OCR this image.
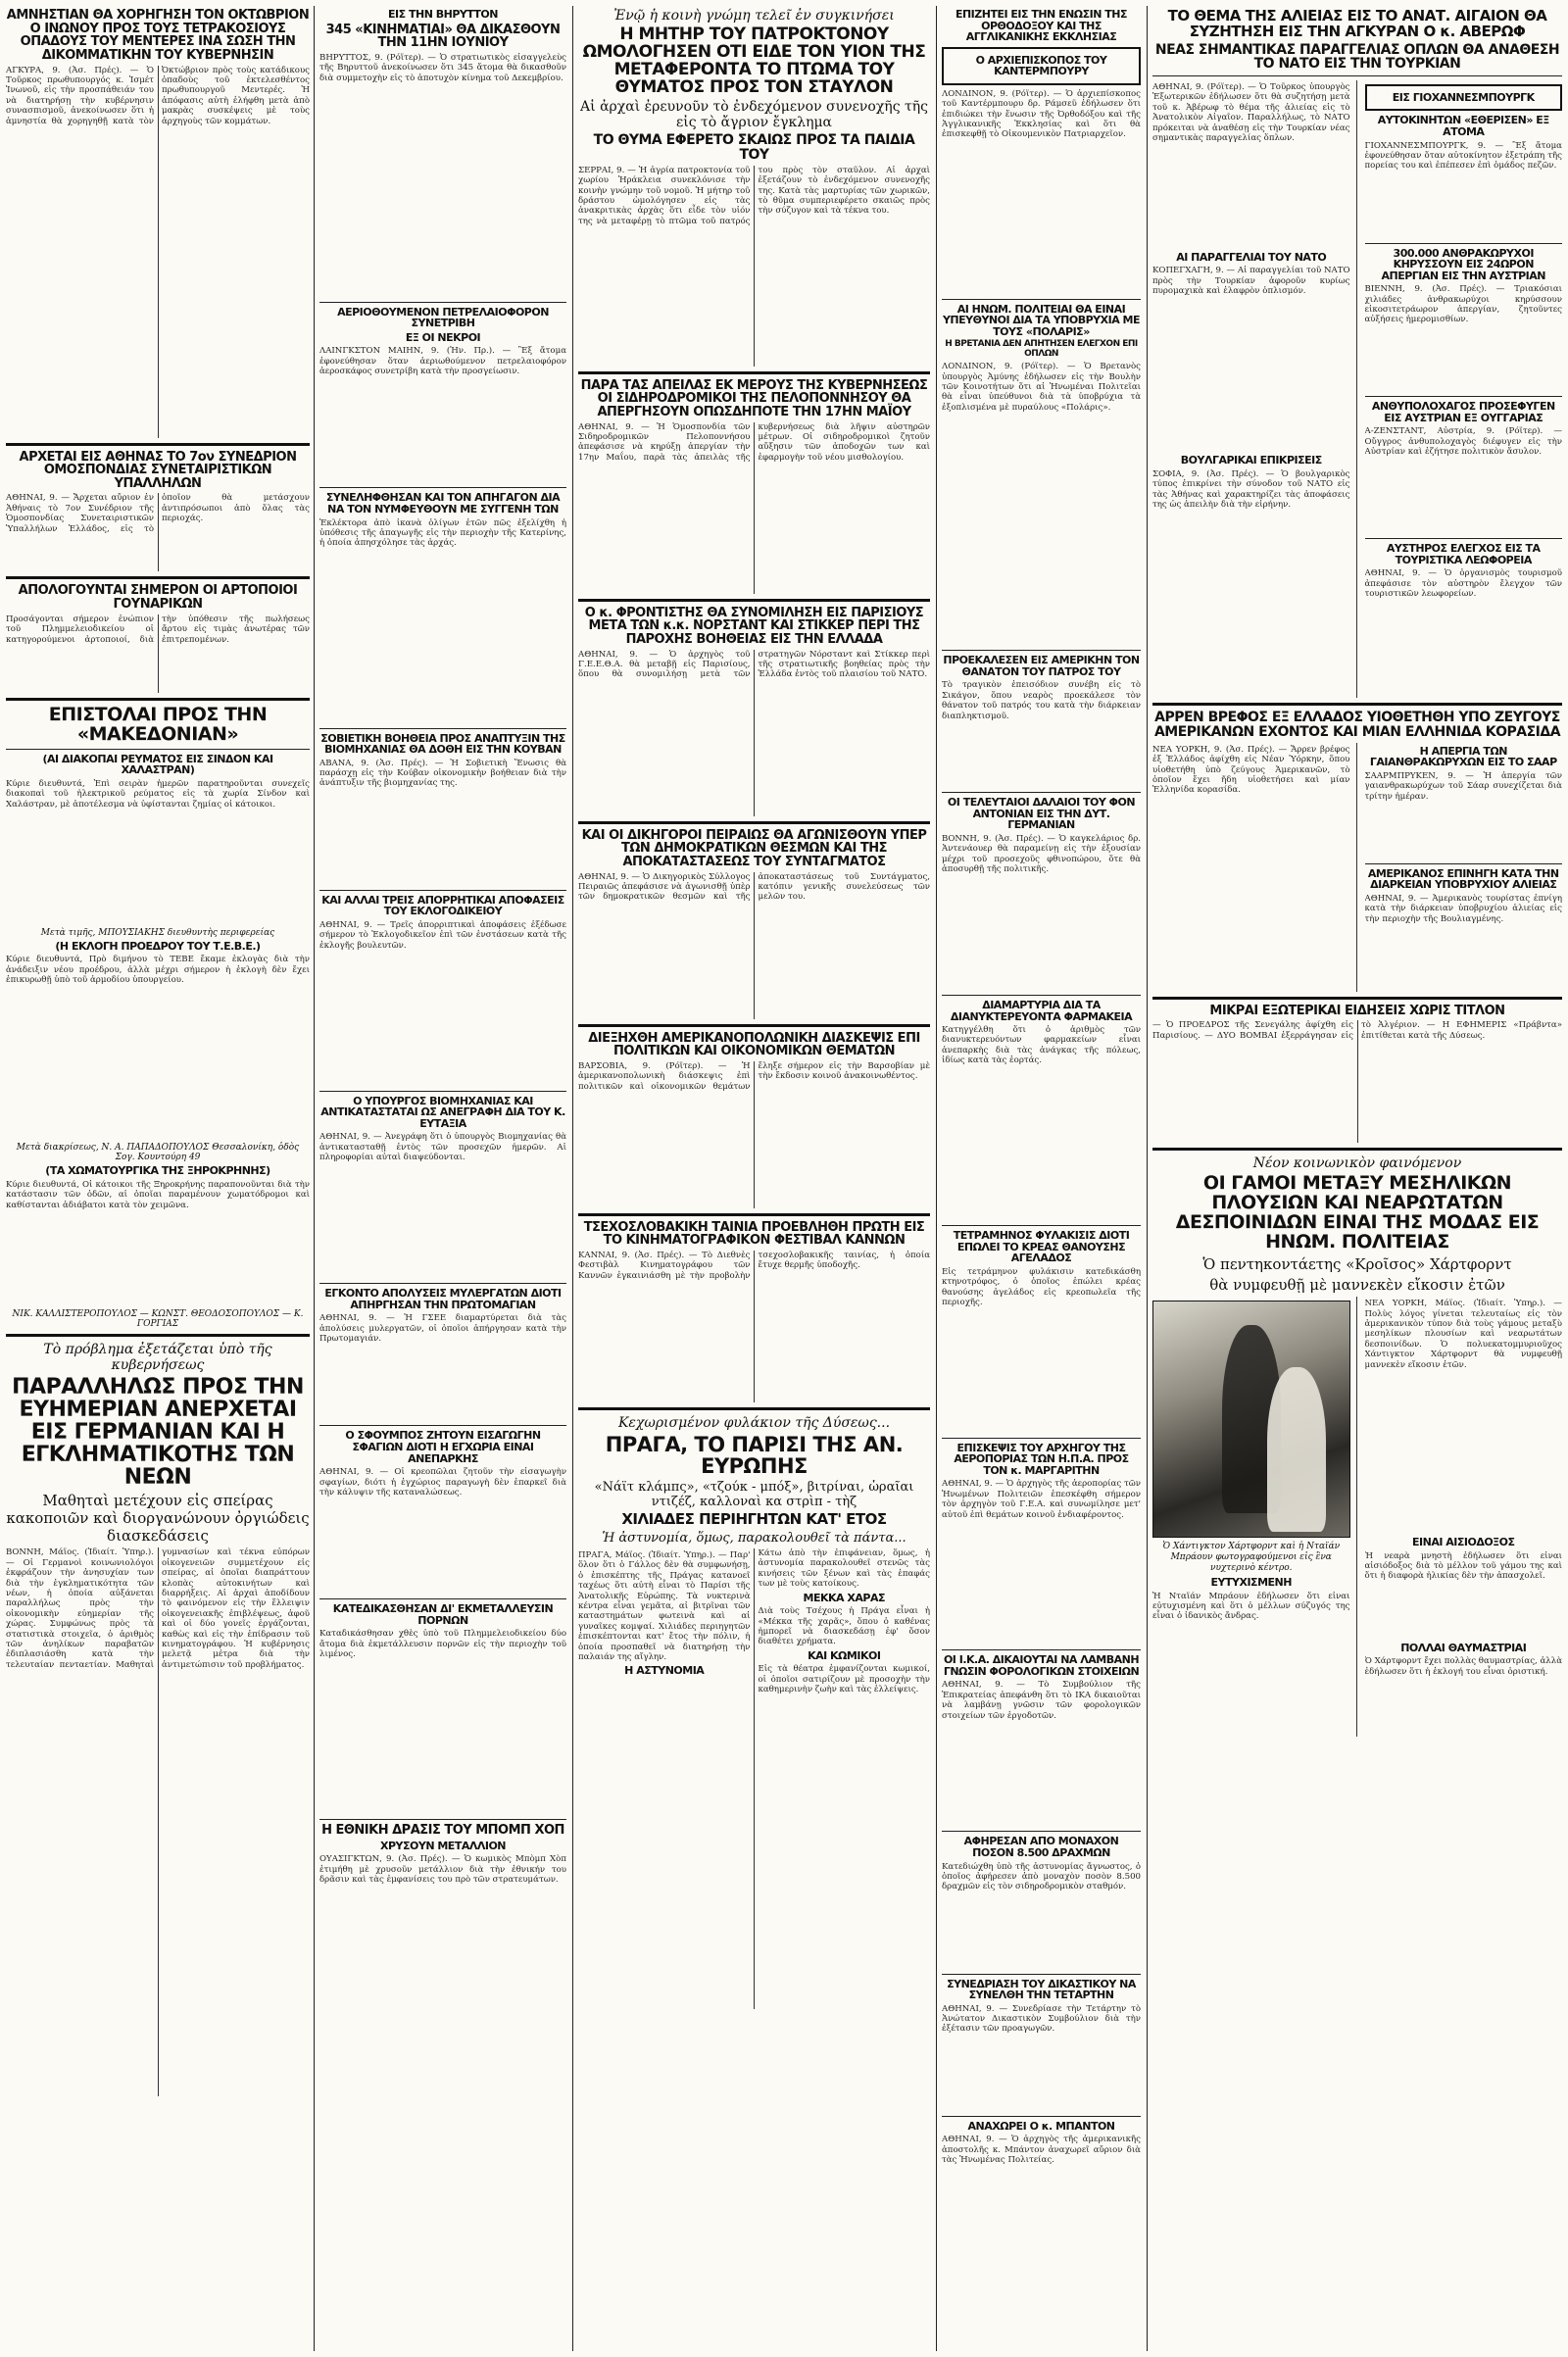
ΑΜΝΗΣΤΙΑΝ ΘΑ ΧΟΡΗΓΗΣΗ ΤΟΝ ΟΚΤΩΒΡΙΟΝ Ο ΙΝΩΝΟΥ ΠΡΟΣ ΤΟΥΣ ΤΕΤΡΑΚΟΣΙΟΥΣ ΟΠΑΔΟΥΣ ΤΟΥ ΜΕΝΤΕΡΕΣ ΙΝΑ ΣΩΣΗ ΤΗΝ ΔΙΚΟΜΜΑΤΙΚΗΝ ΤΟΥ ΚΥΒΕΡΝΗΣΙΝ
ΑΓΚΥΡΑ, 9. (Ἀσ. Πρές). — Ὁ Τοῦρκος πρωθυπουργός κ. Ἰσμέτ Ἰνωνοῦ, εἰς τὴν προσπάθειάν του νὰ διατηρήσῃ τὴν κυβέρνησιν συνασπισμοῦ, ἀνεκοίνωσεν ὅτι ἡ ἀμνηστία θὰ χορηγηθῇ κατὰ τὸν Ὀκτώβριον πρὸς τοὺς κατάδικους ὀπαδοὺς τοῦ ἐκτελεσθέντος πρωθυπουργοῦ Μεντερές. Ἡ ἀπόφασις αὐτὴ ἐλήφθη μετὰ ἀπὸ μακρὰς συσκέψεις μὲ τοὺς ἀρχηγοὺς τῶν κομμάτων.
ΑΡΧΕΤΑΙ ΕΙΣ ΑΘΗΝΑΣ ΤΟ 7ον ΣΥΝΕΔΡΙΟΝ ΟΜΟΣΠΟΝΔΙΑΣ ΣΥΝΕΤΑΙΡΙΣΤΙΚΩΝ ΥΠΑΛΛΗΛΩΝ
ΑΘΗΝΑΙ, 9. — Ἄρχεται αὔριον ἐν Ἀθήναις τὸ 7ον Συνέδριον τῆς Ὁμοσπονδίας Συνεταιριστικῶν Ὑπαλλήλων Ἑλλάδος, εἰς τὸ ὁποῖον θὰ μετάσχουν ἀντιπρόσωποι ἀπὸ ὅλας τὰς περιοχάς.
ΑΠΟΛΟΓΟΥΝΤΑΙ ΣΗΜΕΡΟΝ ΟΙ ΑΡΤΟΠΟΙΟΙ ΓΟΥΝΑΡΙΚΩΝ
Προσάγονται σήμερον ἐνώπιον τοῦ Πλημμελειοδικείου οἱ κατηγορούμενοι ἀρτοποιοί, διὰ τὴν ὑπόθεσιν τῆς πωλήσεως ἄρτου εἰς τιμὰς ἀνωτέρας τῶν ἐπιτρεπομένων.
ΕΠΙΣΤΟΛΑΙ ΠΡΟΣ ΤΗΝ «ΜΑΚΕΔΟΝΙΑΝ»
(ΑΙ ΔΙΑΚΟΠΑΙ ΡΕΥΜΑΤΟΣ ΕΙΣ ΣΙΝΔΟΝ ΚΑΙ ΧΑΛΑΣΤΡΑΝ)
Κύριε διευθυντά, Ἐπὶ σειρὰν ἡμερῶν παρατηροῦνται συνεχεῖς διακοπαὶ τοῦ ἠλεκτρικοῦ ρεύματος εἰς τὰ χωρία Σίνδον καὶ Χαλάστραν, μὲ ἀποτέλεσμα νὰ ὑφίστανται ζημίας οἱ κάτοικοι.
Μετὰ τιμῆς, ΜΠΟΥΣΙΑΚΗΣ διευθυντὴς περιφερείας
(Η ΕΚΛΟΓΗ ΠΡΟΕΔΡΟΥ ΤΟΥ Τ.Ε.Β.Ε.)
Κύριε διευθυντά, Πρὸ διμήνου τὸ ΤΕΒΕ ἔκαμε ἐκλογὰς διὰ τὴν ἀνάδειξιν νέου προέδρου, ἀλλὰ μέχρι σήμερον ἡ ἐκλογὴ δὲν ἔχει ἐπικυρωθῇ ὑπὸ τοῦ ἁρμοδίου ὑπουργείου.
Μετὰ διακρίσεως, Ν. Α. ΠΑΠΑΔΟΠΟΥΛΟΣ Θεσσαλονίκη, ὁδὸς Σογ. Κουντούρη 49
(ΤΑ ΧΩΜΑΤΟΥΡΓΙΚΑ ΤΗΣ ΞΗΡΟΚΡΗΝΗΣ)
Κύριε διευθυντά, Οἱ κάτοικοι τῆς Ξηροκρήνης παραπονοῦνται διὰ τὴν κατάστασιν τῶν ὁδῶν, αἱ ὁποῖαι παραμένουν χωματόδρομοι καὶ καθίστανται ἀδιάβατοι κατὰ τὸν χειμῶνα.
ΝΙΚ. ΚΑΛΛΙΣΤΕΡΟΠΟΥΛΟΣ — ΚΩΝΣΤ. ΘΕΟΔΟΣΟΠΟΥΛΟΣ — Κ. ΓΟΡΓΙΑΣ
Τὸ πρόβλημα ἐξετάζεται ὑπὸ τῆς κυβερνήσεως
ΠΑΡΑΛΛΗΛΩΣ ΠΡΟΣ ΤΗΝ ΕΥΗΜΕΡΙΑΝ ΑΝΕΡΧΕΤΑΙ ΕΙΣ ΓΕΡΜΑΝΙΑΝ ΚΑΙ Η ΕΓΚΛΗΜΑΤΙΚΟΤΗΣ ΤΩΝ ΝΕΩΝ
Μαθηταὶ μετέχουν εἰς σπείρας κακοποιῶν καὶ διοργανώνουν ὀργιώδεις διασκεδάσεις
ΒΟΝΝΗ, Μάϊος. (Ἰδιαίτ. Ὑπηρ.). — Οἱ Γερμανοὶ κοινωνιολόγοι ἐκφράζουν τὴν ἀνησυχίαν των διὰ τὴν ἐγκληματικότητα τῶν νέων, ἡ ὁποία αὐξάνεται παραλλήλως πρὸς τὴν οἰκονομικὴν εὐημερίαν τῆς χώρας. Συμφώνως πρὸς τὰ στατιστικὰ στοιχεῖα, ὁ ἀριθμὸς τῶν ἀνηλίκων παραβατῶν ἐδιπλασιάσθη κατὰ τὴν τελευταίαν πενταετίαν. Μαθηταὶ γυμνασίων καὶ τέκνα εὐπόρων οἰκογενειῶν συμμετέχουν εἰς σπείρας, αἱ ὁποῖαι διαπράττουν κλοπὰς αὐτοκινήτων καὶ διαρρήξεις. Αἱ ἀρχαὶ ἀποδίδουν τὸ φαινόμενον εἰς τὴν ἔλλειψιν οἰκογενειακῆς ἐπιβλέψεως, ἀφοῦ καὶ οἱ δύο γονεῖς ἐργάζονται, καθὼς καὶ εἰς τὴν ἐπίδρασιν τοῦ κινηματογράφου. Ἡ κυβέρνησις μελετᾷ μέτρα διὰ τὴν ἀντιμετώπισιν τοῦ προβλήματος.
ΕΙΣ ΤΗΝ ΒΗΡΥΤΤΟΝ
345 «ΚΙΝΗΜΑΤΙΑΙ» ΘΑ ΔΙΚΑΣΘΟΥΝ ΤΗΝ 11ΗΝ ΙΟΥΝΙΟΥ
ΒΗΡΥΤΤΟΣ, 9. (Ρόϊτερ). — Ὁ στρατιωτικὸς εἰσαγγελεὺς τῆς Βηρυττοῦ ἀνεκοίνωσεν ὅτι 345 ἄτομα θὰ δικασθοῦν διὰ συμμετοχὴν εἰς τὸ ἀποτυχὸν κίνημα τοῦ Δεκεμβρίου.
ΑΕΡΙΟΘΟΥΜΕΝΟΝ ΠΕΤΡΕΛΑΙΟΦΟΡΟΝ ΣΥΝΕΤΡΙΒΗ
ΕΞ ΟΙ ΝΕΚΡΟΙ
ΛΑΙΝΓΚΣΤΟΝ ΜΑΙΗΝ, 9. (Ἡν. Πρ.). — Ἓξ ἄτομα ἐφονεύθησαν ὅταν ἀεριωθούμενον πετρελαιοφόρον ἀεροσκάφος συνετρίβη κατὰ τὴν προσγείωσιν.
ΣΥΝΕΛΗΦΘΗΣΑΝ ΚΑΙ ΤΟΝ ΑΠΗΓΑΓΟΝ ΔΙΑ ΝΑ ΤΟΝ ΝΥΜΦΕΥΘΟΥΝ ΜΕ ΣΥΓΓΕΝΗ ΤΩΝ
Ἐκλέκτορα ἀπὸ ἱκανὰ ὀλίγων ἐτῶν πῶς ἐξελίχθη ἡ ὑπόθεσις τῆς ἀπαγωγῆς εἰς τὴν περιοχὴν τῆς Κατερίνης, ἡ ὁποία ἀπησχόλησε τὰς ἀρχάς.
ΣΟΒΙΕΤΙΚΗ ΒΟΗΘΕΙΑ ΠΡΟΣ ΑΝΑΠΤΥΞΙΝ ΤΗΣ ΒΙΟΜΗΧΑΝΙΑΣ ΘΑ ΔΟΘΗ ΕΙΣ ΤΗΝ ΚΟΥΒΑΝ
ΑΒΑΝΑ, 9. (Ἀσ. Πρές). — Ἡ Σοβιετικὴ Ἕνωσις θὰ παράσχῃ εἰς τὴν Κούβαν οἰκονομικὴν βοήθειαν διὰ τὴν ἀνάπτυξιν τῆς βιομηχανίας της.
ΚΑΙ ΑΛΛΑΙ ΤΡΕΙΣ ΑΠΟΡΡΗΤΙΚΑΙ ΑΠΟΦΑΣΕΙΣ ΤΟΥ ΕΚΛΟΓΟΔΙΚΕΙΟΥ
ΑΘΗΝΑΙ, 9. — Τρεῖς ἀπορριπτικαὶ ἀποφάσεις ἐξέδωσε σήμερον τὸ Ἐκλογοδικεῖον ἐπὶ τῶν ἐνστάσεων κατὰ τῆς ἐκλογῆς βουλευτῶν.
Ο ΥΠΟΥΡΓΟΣ ΒΙΟΜΗΧΑΝΙΑΣ ΚΑΙ ΑΝΤΙΚΑΤΑΣΤΑΤΑΙ ΩΣ ΑΝΕΓΡΑΦΗ ΔΙΑ ΤΟΥ Κ. ΕΥΤΑΞΙΑ
ΑΘΗΝΑΙ, 9. — Ἀνεγράφη ὅτι ὁ ὑπουργὸς Βιομηχανίας θὰ ἀντικατασταθῇ ἐντὸς τῶν προσεχῶν ἡμερῶν. Αἱ πληροφορίαι αὐταὶ διαψεύδονται.
ΕΓΚΟΝΤΟ ΑΠΟΛΥΣΕΙΣ ΜΥΛΕΡΓΑΤΩΝ ΔΙΟΤΙ ΑΠΗΡΓΗΣΑΝ ΤΗΝ ΠΡΩΤΟΜΑΓΙΑΝ
ΑΘΗΝΑΙ, 9. — Ἡ ΓΣΕΕ διαμαρτύρεται διὰ τὰς ἀπολύσεις μυλεργατῶν, οἱ ὁποῖοι ἀπήργησαν κατὰ τὴν Πρωτομαγιάν.
Ο ΣΦΟΥΜΠΟΣ ΖΗΤΟΥΝ ΕΙΣΑΓΩΓΗΝ ΣΦΑΓΙΩΝ ΔΙΟΤΙ Η ΕΓΧΩΡΙΑ ΕΙΝΑΙ ΑΝΕΠΑΡΚΗΣ
ΑΘΗΝΑΙ, 9. — Οἱ κρεοπῶλαι ζητοῦν τὴν εἰσαγωγὴν σφαγίων, διότι ἡ ἐγχώριος παραγωγὴ δὲν ἐπαρκεῖ διὰ τὴν κάλυψιν τῆς καταναλώσεως.
ΚΑΤΕΔΙΚΑΣΘΗΣΑΝ ΔΙ' ΕΚΜΕΤΑΛΛΕΥΣΙΝ ΠΟΡΝΩΝ
Καταδικάσθησαν χθὲς ὑπὸ τοῦ Πλημμελειοδικείου δύο ἄτομα διὰ ἐκμετάλλευσιν πορνῶν εἰς τὴν περιοχὴν τοῦ λιμένος.
Η ΕΘΝΙΚΗ ΔΡΑΣΙΣ ΤΟΥ ΜΠΟΜΠ ΧΟΠ
ΧΡΥΣΟΥΝ ΜΕΤΑΛΛΙΟΝ
ΟΥΑΣΙΓΚΤΩΝ, 9. (Ἀσ. Πρές). — Ὁ κωμικὸς Μπὸμπ Χὸπ ἐτιμήθη μὲ χρυσοῦν μετάλλιον διὰ τὴν ἐθνικήν του δρᾶσιν καὶ τὰς ἐμφανίσεις του πρὸ τῶν στρατευμάτων.
Ἐνῷ ἡ κοινὴ γνώμη τελεῖ ἐν συγκινήσει
Η ΜΗΤΗΡ ΤΟΥ ΠΑΤΡΟΚΤΟΝΟΥ ΩΜΟΛΟΓΗΣΕΝ ΟΤΙ ΕΙΔΕ ΤΟΝ ΥΙΟΝ ΤΗΣ ΜΕΤΑΦΕΡΟΝΤΑ ΤΟ ΠΤΩΜΑ ΤΟΥ ΘΥΜΑΤΟΣ ΠΡΟΣ ΤΟΝ ΣΤΑΥΛΟΝ
Αἱ ἀρχαὶ ἐρευνοῦν τὸ ἐνδεχόμενον συνενοχῆς τῆς εἰς τὸ ἄγριον ἔγκλημα
ΤΟ ΘΥΜΑ ΕΦΕΡΕΤΟ ΣΚΑΙΩΣ ΠΡΟΣ ΤΑ ΠΑΙΔΙΑ ΤΟΥ
ΣΕΡΡΑΙ, 9. — Ἡ ἀγρία πατροκτονία τοῦ χωρίου Ἡράκλεια συνεκλόνισε τὴν κοινὴν γνώμην τοῦ νομοῦ. Ἡ μήτηρ τοῦ δράστου ὡμολόγησεν εἰς τὰς ἀνακριτικὰς ἀρχὰς ὅτι εἶδε τὸν υἱόν της νὰ μεταφέρῃ τὸ πτῶμα τοῦ πατρός του πρὸς τὸν σταῦλον. Αἱ ἀρχαὶ ἐξετάζουν τὸ ἐνδεχόμενον συνενοχῆς της. Κατὰ τὰς μαρτυρίας τῶν χωρικῶν, τὸ θῦμα συμπεριεφέρετο σκαιῶς πρὸς τὴν σύζυγον καὶ τὰ τέκνα του.
ΠΑΡΑ ΤΑΣ ΑΠΕΙΛΑΣ ΕΚ ΜΕΡΟΥΣ ΤΗΣ ΚΥΒΕΡΝΗΣΕΩΣ ΟΙ ΣΙΔΗΡΟΔΡΟΜΙΚΟΙ ΤΗΣ ΠΕΛΟΠΟΝΝΗΣΟΥ ΘΑ ΑΠΕΡΓΗΣΟΥΝ ΟΠΩΣΔΗΠΟΤΕ ΤΗΝ 17ΗΝ ΜΑΪΟΥ
ΑΘΗΝΑΙ, 9. — Ἡ Ὁμοσπονδία τῶν Σιδηροδρομικῶν Πελοποννήσου ἀπεφάσισε νὰ κηρύξῃ ἀπεργίαν τὴν 17ην Μαΐου, παρὰ τὰς ἀπειλὰς τῆς κυβερνήσεως διὰ λῆψιν αὐστηρῶν μέτρων. Οἱ σιδηροδρομικοὶ ζητοῦν αὔξησιν τῶν ἀποδοχῶν των καὶ ἐφαρμογὴν τοῦ νέου μισθολογίου.
Ο κ. ΦΡΟΝΤΙΣΤΗΣ ΘΑ ΣΥΝΟΜΙΛΗΣΗ ΕΙΣ ΠΑΡΙΣΙΟΥΣ ΜΕΤΑ ΤΩΝ κ.κ. ΝΟΡΣΤΑΝΤ ΚΑΙ ΣΤΙΚΚΕΡ ΠΕΡΙ ΤΗΣ ΠΑΡΟΧΗΣ ΒΟΗΘΕΙΑΣ ΕΙΣ ΤΗΝ ΕΛΛΑΔΑ
ΑΘΗΝΑΙ, 9. — Ὁ ἀρχηγὸς τοῦ Γ.Ε.Ε.Θ.Α. θὰ μεταβῇ εἰς Παρισίους, ὅπου θὰ συνομιλήσῃ μετὰ τῶν στρατηγῶν Νόρσταντ καὶ Στίκκερ περὶ τῆς στρατιωτικῆς βοηθείας πρὸς τὴν Ἑλλάδα ἐντὸς τοῦ πλαισίου τοῦ ΝΑΤΟ.
ΚΑΙ ΟΙ ΔΙΚΗΓΟΡΟΙ ΠΕΙΡΑΙΩΣ ΘΑ ΑΓΩΝΙΣΘΟΥΝ ΥΠΕΡ ΤΩΝ ΔΗΜΟΚΡΑΤΙΚΩΝ ΘΕΣΜΩΝ ΚΑΙ ΤΗΣ ΑΠΟΚΑΤΑΣΤΑΣΕΩΣ ΤΟΥ ΣΥΝΤΑΓΜΑΤΟΣ
ΑΘΗΝΑΙ, 9. — Ὁ Δικηγορικὸς Σύλλογος Πειραιῶς ἀπεφάσισε νὰ ἀγωνισθῇ ὑπὲρ τῶν δημοκρατικῶν θεσμῶν καὶ τῆς ἀποκαταστάσεως τοῦ Συντάγματος, κατόπιν γενικῆς συνελεύσεως τῶν μελῶν του.
ΔΙΕΞΗΧΘΗ ΑΜΕΡΙΚΑΝΟΠΟΛΩΝΙΚΗ ΔΙΑΣΚΕΨΙΣ ΕΠΙ ΠΟΛΙΤΙΚΩΝ ΚΑΙ ΟΙΚΟΝΟΜΙΚΩΝ ΘΕΜΑΤΩΝ
ΒΑΡΣΟΒΙΑ, 9. (Ρόϊτερ). — Ἡ ἀμερικανοπολωνικὴ διάσκεψις ἐπὶ πολιτικῶν καὶ οἰκονομικῶν θεμάτων ἔληξε σήμερον εἰς τὴν Βαρσοβίαν μὲ τὴν ἔκδοσιν κοινοῦ ἀνακοινωθέντος.
ΤΣΕΧΟΣΛΟΒΑΚΙΚΗ ΤΑΙΝΙΑ ΠΡΟΕΒΛΗΘΗ ΠΡΩΤΗ ΕΙΣ ΤΟ ΚΙΝΗΜΑΤΟΓΡΑΦΙΚΟΝ ΦΕΣΤΙΒΑΛ ΚΑΝΝΩΝ
ΚΑΝΝΑΙ, 9. (Ἀσ. Πρές). — Τὸ Διεθνὲς Φεστιβὰλ Κινηματογράφου τῶν Καννῶν ἐγκαινιάσθη μὲ τὴν προβολὴν τσεχοσλοβακικῆς ταινίας, ἡ ὁποία ἔτυχε θερμῆς ὑποδοχῆς.
Κεχωρισμένον φυλάκιον τῆς Δύσεως...
ΠΡΑΓΑ, ΤΟ ΠΑΡΙΣΙ ΤΗΣ ΑΝ. ΕΥΡΩΠΗΣ
«Νάϊτ κλάμπς», «τζούκ - μπόξ», βιτρίναι, ὡραῖαι ντιζέζ, καλλοναὶ κα στρὶπ - τὴζ
ΧΙΛΙΑΔΕΣ ΠΕΡΙΗΓΗΤΩΝ ΚΑΤ' ΕΤΟΣ
Ἡ ἀστυνομία, ὅμως, παρακολουθεῖ τὰ πάντα...
ΠΡΑΓΑ, Μάϊος. (Ἰδιαίτ. Ὑπηρ.). — Παρ' ὅλον ὅτι ὁ Γάλλος δὲν θὰ συμφωνήσῃ, ὁ ἐπισκέπτης τῆς Πράγας κατανοεῖ ταχέως ὅτι αὐτὴ εἶναι τὸ Παρίσι τῆς Ἀνατολικῆς Εὐρώπης. Τὰ νυκτερινὰ κέντρα εἶναι γεμᾶτα, αἱ βιτρῖναι τῶν καταστημάτων φωτεινὰ καὶ αἱ γυναῖκες κομψαί. Χιλιάδες περιηγητῶν ἐπισκέπτονται κατ' ἔτος τὴν πόλιν, ἡ ὁποία προσπαθεῖ νὰ διατηρήσῃ τὴν παλαιάν της αἴγλην.
Η ΑΣΤΥΝΟΜΙΑ
Κάτω ἀπὸ τὴν ἐπιφάνειαν, ὅμως, ἡ ἀστυνομία παρακολουθεῖ στενῶς τὰς κινήσεις τῶν ξένων καὶ τὰς ἐπαφάς των μὲ τοὺς κατοίκους.
ΜΕΚΚΑ ΧΑΡΑΣ
Διὰ τοὺς Τσέχους ἡ Πράγα εἶναι ἡ «Μέκκα τῆς χαρᾶς», ὅπου ὁ καθένας ἠμπορεῖ νὰ διασκεδάσῃ ἐφ' ὅσον διαθέτει χρήματα.
ΚΑΙ ΚΩΜΙΚΟΙ
Εἰς τὰ θέατρα ἐμφανίζονται κωμικοί, οἱ ὁποῖοι σατιρίζουν μὲ προσοχὴν τὴν καθημερινὴν ζωὴν καὶ τὰς ἐλλείψεις.
ΕΠΙΖΗΤΕΙ ΕΙΣ ΤΗΝ ΕΝΩΣΙΝ ΤΗΣ ΟΡΘΟΔΟΞΟΥ ΚΑΙ ΤΗΣ ΑΓΓΛΙΚΑΝΙΚΗΣ ΕΚΚΛΗΣΙΑΣ
Ο ΑΡΧΙΕΠΙΣΚΟΠΟΣ ΤΟΥ ΚΑΝΤΕΡΜΠΟΥΡΥ
ΛΟΝΔΙΝΟΝ, 9. (Ρόϊτερ). — Ὁ ἀρχιεπίσκοπος τοῦ Καντέρμπουρυ δρ. Ράμσεϋ ἐδήλωσεν ὅτι ἐπιδιώκει τὴν ἕνωσιν τῆς Ὀρθοδόξου καὶ τῆς Ἀγγλικανικῆς Ἐκκλησίας καὶ ὅτι θὰ ἐπισκεφθῇ τὸ Οἰκουμενικὸν Πατριαρχεῖον.
ΑΙ ΗΝΩΜ. ΠΟΛΙΤΕΙΑΙ ΘΑ ΕΙΝΑΙ ΥΠΕΥΘΥΝΟΙ ΔΙΑ ΤΑ ΥΠΟΒΡΥΧΙΑ ΜΕ ΤΟΥΣ «ΠΟΛΑΡΙΣ»
Η ΒΡΕΤΑΝΙΑ ΔΕΝ ΑΠΗΤΗΣΕΝ ΕΛΕΓΧΟΝ ΕΠΙ ΟΠΛΩΝ
ΛΟΝΔΙΝΟΝ, 9. (Ρόϊτερ). — Ὁ Βρετανὸς ὑπουργὸς Ἀμύνης ἐδήλωσεν εἰς τὴν Βουλὴν τῶν Κοινοτήτων ὅτι αἱ Ἡνωμέναι Πολιτεῖαι θὰ εἶναι ὑπεύθυνοι διὰ τὰ ὑποβρύχια τὰ ἐξοπλισμένα μὲ πυραύλους «Πολάρις».
ΠΡΟΕΚΑΛΕΣΕΝ ΕΙΣ ΑΜΕΡΙΚΗΝ ΤΟΝ ΘΑΝΑΤΟΝ ΤΟΥ ΠΑΤΡΟΣ ΤΟΥ
Τὸ τραγικὸν ἐπεισόδιον συνέβη εἰς τὸ Σικάγον, ὅπου νεαρὸς προεκάλεσε τὸν θάνατον τοῦ πατρός του κατὰ τὴν διάρκειαν διαπληκτισμοῦ.
ΟΙ ΤΕΛΕΥΤΑΙΟΙ ΔΑΛΑΙΟΙ ΤΟΥ ΦΟΝ ΑΝΤΟΝΙΑΝ ΕΙΣ ΤΗΝ ΔΥΤ. ΓΕΡΜΑΝΙΑΝ
ΒΟΝΝΗ, 9. (Ἀσ. Πρές). — Ὁ καγκελάριος δρ. Ἀντενάουερ θὰ παραμείνῃ εἰς τὴν ἐξουσίαν μέχρι τοῦ προσεχοῦς φθινοπώρου, ὅτε θὰ ἀποσυρθῇ τῆς πολιτικῆς.
ΔΙΑΜΑΡΤΥΡΙΑ ΔΙΑ ΤΑ ΔΙΑΝΥΚΤΕΡΕΥΟΝΤΑ ΦΑΡΜΑΚΕΙΑ
Κατηγγέλθη ὅτι ὁ ἀριθμὸς τῶν διανυκτερευόντων φαρμακείων εἶναι ἀνεπαρκὴς διὰ τὰς ἀνάγκας τῆς πόλεως, ἰδίως κατὰ τὰς ἑορτάς.
ΤΕΤΡΑΜΗΝΟΣ ΦΥΛΑΚΙΣΙΣ ΔΙΟΤΙ ΕΠΩΛΕΙ ΤΟ ΚΡΕΑΣ ΘΑΝΟΥΣΗΣ ΑΓΕΛΑΔΟΣ
Εἰς τετράμηνον φυλάκισιν κατεδικάσθη κτηνοτρόφος, ὁ ὁποῖος ἐπώλει κρέας θανούσης ἀγελάδος εἰς κρεοπωλεῖα τῆς περιοχῆς.
ΕΠΙΣΚΕΨΙΣ ΤΟΥ ΑΡΧΗΓΟΥ ΤΗΣ ΑΕΡΟΠΟΡΙΑΣ ΤΩΝ Η.Π.Α. ΠΡΟΣ ΤΟΝ κ. ΜΑΡΓΑΡΙΤΗΝ
ΑΘΗΝΑΙ, 9. — Ὁ ἀρχηγὸς τῆς ἀεροπορίας τῶν Ἡνωμένων Πολιτειῶν ἐπεσκέφθη σήμερον τὸν ἀρχηγὸν τοῦ Γ.Ε.Α. καὶ συνωμίλησε μετ' αὐτοῦ ἐπὶ θεμάτων κοινοῦ ἐνδιαφέροντος.
ΟΙ Ι.Κ.Α. ΔΙΚΑΙΟΥΤΑΙ ΝΑ ΛΑΜΒΑΝΗ ΓΝΩΣΙΝ ΦΟΡΟΛΟΓΙΚΩΝ ΣΤΟΙΧΕΙΩΝ
ΑΘΗΝΑΙ, 9. — Τὸ Συμβούλιον τῆς Ἐπικρατείας ἀπεφάνθη ὅτι τὸ ΙΚΑ δικαιοῦται νὰ λαμβάνῃ γνῶσιν τῶν φορολογικῶν στοιχείων τῶν ἐργοδοτῶν.
ΑΦΗΡΕΣΑΝ ΑΠΟ ΜΟΝΑΧΟΝ ΠΟΣΟΝ 8.500 ΔΡΑΧΜΩΝ
Κατεδιώχθη ὑπὸ τῆς ἀστυνομίας ἄγνωστος, ὁ ὁποῖος ἀφήρεσεν ἀπὸ μοναχὸν ποσὸν 8.500 δραχμῶν εἰς τὸν σιδηροδρομικὸν σταθμόν.
ΣΥΝΕΔΡΙΑΣΗ ΤΟΥ ΔΙΚΑΣΤΙΚΟΥ ΝΑ ΣΥΝΕΛΘΗ ΤΗΝ ΤΕΤΑΡΤΗΝ
ΑΘΗΝΑΙ, 9. — Συνεδρίασε τὴν Τετάρτην τὸ Ἀνώτατον Δικαστικὸν Συμβούλιον διὰ τὴν ἐξέτασιν τῶν προαγωγῶν.
ΑΝΑΧΩΡΕΙ Ο κ. ΜΠΑΝΤΟΝ
ΑΘΗΝΑΙ, 9. — Ὁ ἀρχηγὸς τῆς ἀμερικανικῆς ἀποστολῆς κ. Μπάντον ἀναχωρεῖ αὔριον διὰ τὰς Ἡνωμένας Πολιτείας.
ΤΟ ΘΕΜΑ ΤΗΣ ΑΛΙΕΙΑΣ ΕΙΣ ΤΟ ΑΝΑΤ. ΑΙΓΑΙΟΝ ΘΑ ΣΥΖΗΤΗΣΗ ΕΙΣ ΤΗΝ ΑΓΚΥΡΑΝ Ο κ. ΑΒΕΡΩΦ
ΝΕΑΣ ΣΗΜΑΝΤΙΚΑΣ ΠΑΡΑΓΓΕΛΙΑΣ ΟΠΛΩΝ ΘΑ ΑΝΑΘΕΣΗ ΤΟ ΝΑΤΟ ΕΙΣ ΤΗΝ ΤΟΥΡΚΙΑΝ
ΑΘΗΝΑΙ, 9. (Ρόϊτερ). — Ὁ Τοῦρκος ὑπουργὸς Ἐξωτερικῶν ἐδήλωσεν ὅτι θὰ συζητήσῃ μετὰ τοῦ κ. Ἀβέρωφ τὸ θέμα τῆς ἁλιείας εἰς τὸ Ἀνατολικὸν Αἰγαῖον. Παραλλήλως, τὸ ΝΑΤΟ πρόκειται νὰ ἀναθέσῃ εἰς τὴν Τουρκίαν νέας σημαντικὰς παραγγελίας ὅπλων.
ΑΙ ΠΑΡΑΓΓΕΛΙΑΙ ΤΟΥ ΝΑΤΟ
ΚΟΠΕΓΧΑΓΗ, 9. — Αἱ παραγγελίαι τοῦ ΝΑΤΟ πρὸς τὴν Τουρκίαν ἀφοροῦν κυρίως πυρομαχικὰ καὶ ἐλαφρὸν ὁπλισμόν.
ΒΟΥΛΓΑΡΙΚΑΙ ΕΠΙΚΡΙΣΕΙΣ
ΣΟΦΙΑ, 9. (Ἀσ. Πρές). — Ὁ βουλγαρικὸς τύπος ἐπικρίνει τὴν σύνοδον τοῦ ΝΑΤΟ εἰς τὰς Ἀθήνας καὶ χαρακτηρίζει τὰς ἀποφάσεις της ὡς ἀπειλὴν διὰ τὴν εἰρήνην.
ΕΙΣ ΓΙΟΧΑΝΝΕΣΜΠΟΥΡΓΚ
ΑΥΤΟΚΙΝΗΤΩΝ «ΕΘΕΡΙΣΕΝ» ΕΞ ΑΤΟΜΑ
ΓΙΟΧΑΝΝΕΣΜΠΟΥΡΓΚ, 9. — Ἓξ ἄτομα ἐφονεύθησαν ὅταν αὐτοκίνητον ἐξετράπη τῆς πορείας του καὶ ἐπέπεσεν ἐπὶ ὁμάδος πεζῶν.
300.000 ΑΝΘΡΑΚΩΡΥΧΟΙ ΚΗΡΥΣΣΟΥΝ ΕΙΣ 24ΩΡΟΝ ΑΠΕΡΓΙΑΝ ΕΙΣ ΤΗΝ ΑΥΣΤΡΙΑΝ
ΒΙΕΝΝΗ, 9. (Ἀσ. Πρές). — Τριακόσιαι χιλιάδες ἀνθρακωρύχοι κηρύσσουν εἰκοσιτετράωρον ἀπεργίαν, ζητοῦντες αὐξήσεις ἡμερομισθίων.
ΑΝΘΥΠΟΛΟΧΑΓΟΣ ΠΡΟΣΕΦΥΓΕΝ ΕΙΣ ΑΥΣΤΡΙΑΝ ΕΞ ΟΥΓΓΑΡΙΑΣ
Α-ΖΕΝΣΤΑΝΤ, Αὐστρία, 9. (Ρόϊτερ). — Οὔγγρος ἀνθυπολοχαγὸς διέφυγεν εἰς τὴν Αὐστρίαν καὶ ἐζήτησε πολιτικὸν ἄσυλον.
ΑΥΣΤΗΡΟΣ ΕΛΕΓΧΟΣ ΕΙΣ ΤΑ ΤΟΥΡΙΣΤΙΚΑ ΛΕΩΦΟΡΕΙΑ
ΑΘΗΝΑΙ, 9. — Ὁ ὀργανισμὸς τουρισμοῦ ἀπεφάσισε τὸν αὐστηρὸν ἔλεγχον τῶν τουριστικῶν λεωφορείων.
ΑΡΡΕΝ ΒΡΕΦΟΣ ΕΞ ΕΛΛΑΔΟΣ ΥΙΟΘΕΤΗΘΗ ΥΠΟ ΖΕΥΓΟΥΣ ΑΜΕΡΙΚΑΝΩΝ ΕΧΟΝΤΟΣ ΚΑΙ ΜΙΑΝ ΕΛΛΗΝΙΔΑ ΚΟΡΑΣΙΔΑ
ΝΕΑ ΥΟΡΚΗ, 9. (Ἀσ. Πρές). — Ἄρρεν βρέφος ἐξ Ἑλλάδος ἀφίχθη εἰς Νέαν Ὑόρκην, ὅπου υἱοθετήθη ὑπὸ ζεύγους Ἀμερικανῶν, τὸ ὁποῖον ἔχει ἤδη υἱοθετήσει καὶ μίαν Ἑλληνίδα κορασίδα.
Η ΑΠΕΡΓΙΑ ΤΩΝ ΓΑΙΑΝΘΡΑΚΩΡΥΧΩΝ ΕΙΣ ΤΟ ΣΑΑΡ
ΣΑΑΡΜΠΡΥΚΕΝ, 9. — Ἡ ἀπεργία τῶν γαιανθρακωρύχων τοῦ Σάαρ συνεχίζεται διὰ τρίτην ἡμέραν.
ΑΜΕΡΙΚΑΝΟΣ ΕΠΙΝΗΓΗ ΚΑΤΑ ΤΗΝ ΔΙΑΡΚΕΙΑΝ ΥΠΟΒΡΥΧΙΟΥ ΑΛΙΕΙΑΣ
ΑΘΗΝΑΙ, 9. — Ἀμερικανὸς τουρίστας ἐπνίγη κατὰ τὴν διάρκειαν ὑποβρυχίου ἁλιείας εἰς τὴν περιοχὴν τῆς Βουλιαγμένης.
ΜΙΚΡΑΙ ΕΞΩΤΕΡΙΚΑΙ ΕΙΔΗΣΕΙΣ ΧΩΡΙΣ ΤΙΤΛΟΝ
— Ὁ ΠΡΟΕΔΡΟΣ τῆς Σενεγάλης ἀφίχθη εἰς Παρισίους. — ΔΥΟ ΒΟΜΒΑΙ ἐξερράγησαν εἰς τὸ Ἀλγέριον. — Η ΕΦΗΜΕΡΙΣ «Πράβντα» ἐπιτίθεται κατὰ τῆς Δύσεως.
Νέον κοινωνικὸν φαινόμενον
ΟΙ ΓΑΜΟΙ ΜΕΤΑΞΥ ΜΕΣΗΛΙΚΩΝ ΠΛΟΥΣΙΩΝ ΚΑΙ ΝΕΑΡΩΤΑΤΩΝ ΔΕΣΠΟΙΝΙΔΩΝ ΕΙΝΑΙ ΤΗΣ ΜΟΔΑΣ ΕΙΣ ΗΝΩΜ. ΠΟΛΙΤΕΙΑΣ
Ὁ πεντηκοντάετης «Κροῖσος» Χάρτφορντ
θὰ νυμφευθῇ μὲ μαννεκὲν εἴκοσιν ἐτῶν
Ὁ Χάντιγκτον Χάρτφορντ καὶ ἡ Νταϊάν Μπράουν φωτογραφούμενοι εἰς ἓνα νυχτερινὸ κέντρο.
ΕΥΤΥΧΙΣΜΕΝΗ
Ἡ Νταϊάν Μπράουν ἐδήλωσεν ὅτι εἶναι εὐτυχισμένη καὶ ὅτι ὁ μέλλων σύζυγός της εἶναι ὁ ἰδανικὸς ἄνδρας.
ΝΕΑ ΥΟΡΚΗ, Μάϊος. (Ἰδιαίτ. Ὑπηρ.). — Πολὺς λόγος γίνεται τελευταίως εἰς τὸν ἀμερικανικὸν τύπον διὰ τοὺς γάμους μεταξὺ μεσηλίκων πλουσίων καὶ νεαρωτάτων δεσποινίδων. Ὁ πολυεκατομμυριοῦχος Χάντιγκτον Χάρτφορντ θὰ νυμφευθῇ μαννεκὲν εἴκοσιν ἐτῶν.
ΕΙΝΑΙ ΑΙΣΙΟΔΟΞΟΣ
Ἡ νεαρὰ μνηστὴ ἐδήλωσεν ὅτι εἶναι αἰσιόδοξος διὰ τὸ μέλλον τοῦ γάμου της καὶ ὅτι ἡ διαφορὰ ἡλικίας δὲν τὴν ἀπασχολεῖ.
ΠΟΛΛΑΙ ΘΑΥΜΑΣΤΡΙΑΙ
Ὁ Χάρτφορντ ἔχει πολλὰς θαυμαστρίας, ἀλλὰ ἐδήλωσεν ὅτι ἡ ἐκλογή του εἶναι ὁριστική.
